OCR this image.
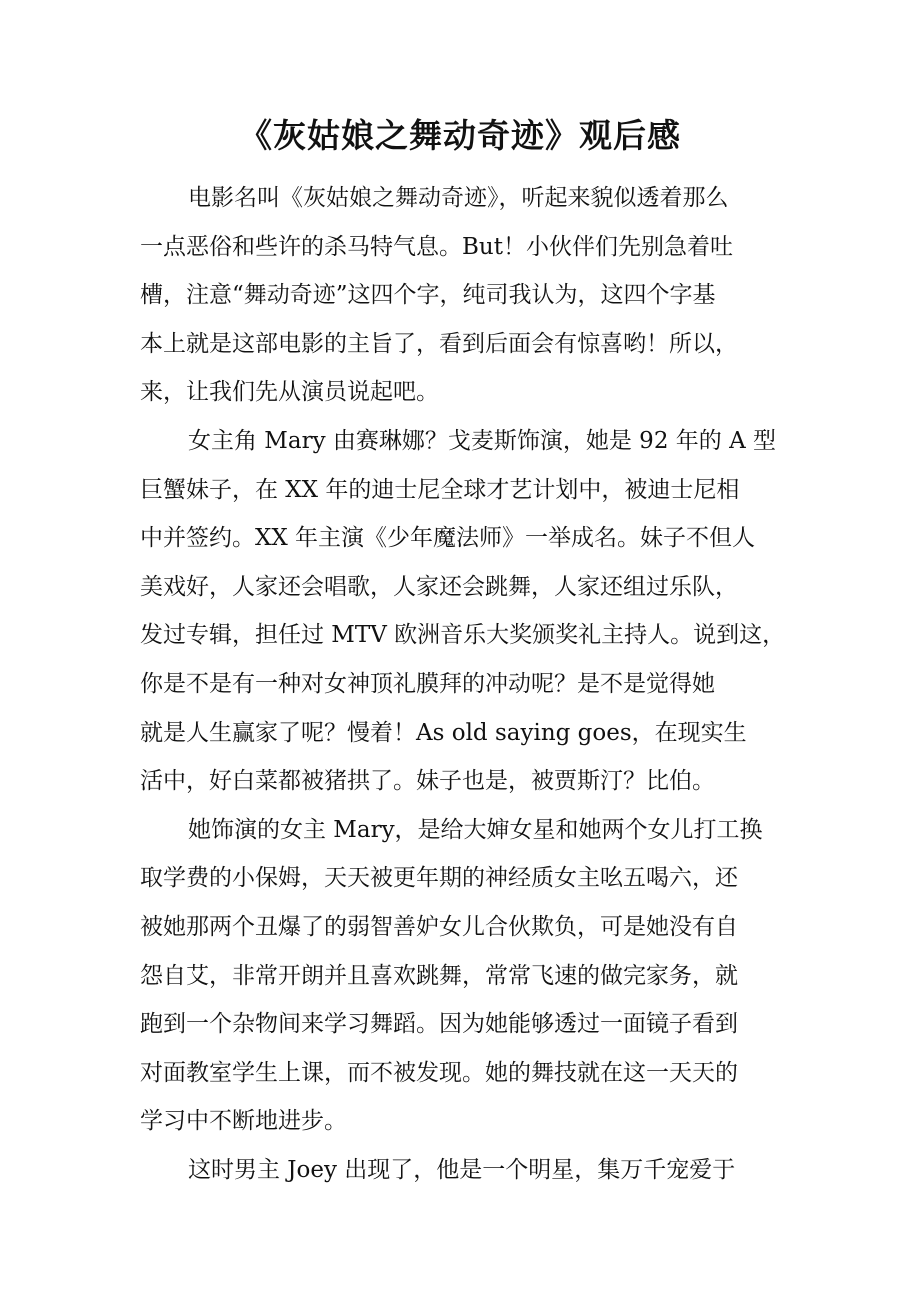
《灰姑娘之舞动奇迹》观后感
电影名叫《灰姑娘之舞动奇迹》，听起来貌似透着那么
一点恶俗和些许的杀马特气息。But！小伙伴们先别急着吐
槽，注意“舞动奇迹”这四个字，纯司我认为，这四个字基
本上就是这部电影的主旨了，看到后面会有惊喜哟！所以，
来，让我们先从演员说起吧。
女主角 Mary 由赛琳娜？戈麦斯饰演，她是 92 年的 A 型
巨蟹妹子，在 XX 年的迪士尼全球才艺计划中，被迪士尼相
中并签约。XX 年主演《少年魔法师》一举成名。妹子不但人
美戏好，人家还会唱歌，人家还会跳舞，人家还组过乐队，
发过专辑，担任过 MTV 欧洲音乐大奖颁奖礼主持人。说到这，
你是不是有一种对女神顶礼膜拜的冲动呢？是不是觉得她
就是人生赢家了呢？慢着！As old saying goes，在现实生
活中，好白菜都被猪拱了。妹子也是，被贾斯汀？比伯。
她饰演的女主 Mary，是给大婶女星和她两个女儿打工换
取学费的小保姆，天天被更年期的神经质女主吆五喝六，还
被她那两个丑爆了的弱智善妒女儿合伙欺负，可是她没有自
怨自艾，非常开朗并且喜欢跳舞，常常飞速的做完家务，就
跑到一个杂物间来学习舞蹈。因为她能够透过一面镜子看到
对面教室学生上课，而不被发现。她的舞技就在这一天天的
学习中不断地进步。
这时男主 Joey 出现了，他是一个明星，集万千宠爱于
